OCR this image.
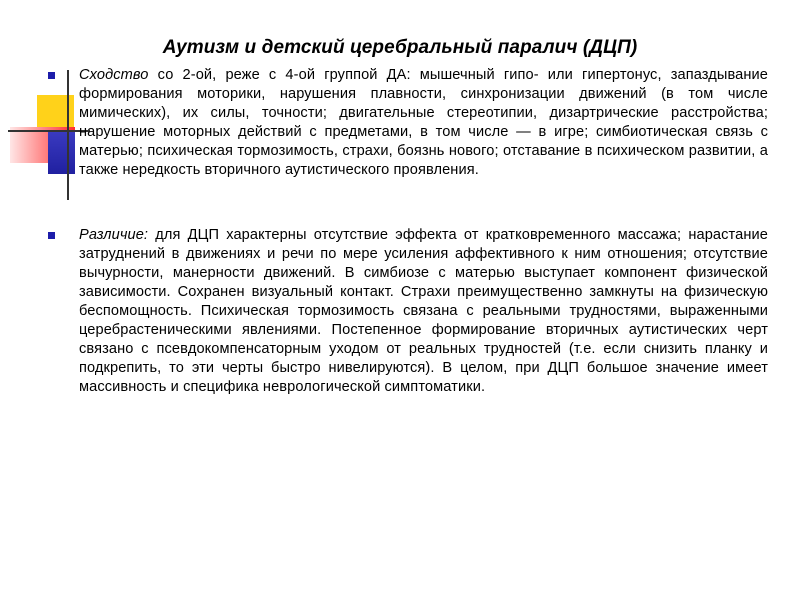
Аутизм и детский церебральный паралич (ДЦП)
Сходство со 2-ой, реже с 4-ой группой ДА: мышечный гипо- или гипертонус, запаздывание формирования моторики, нарушения плавности, синхронизации движений (в том числе мимических), их силы, точности; двигательные стереотипии, дизартрические расстройства; нарушение моторных действий с предметами, в том числе — в игре; симбиотическая связь с матерью; психическая тормозимость, страхи, боязнь нового; отставание в психическом развитии, а также нередкость вторичного аутистического проявления.
Различие: для ДЦП характерны отсутствие эффекта от кратковременного массажа; нарастание затруднений в движениях и речи по мере усиления аффективного к ним отношения; отсутствие вычурности, манерности движений. В симбиозе с матерью выступает компонент физической зависимости. Сохранен визуальный контакт. Страхи преимущественно замкнуты на физическую беспомощность. Психическая тормозимость связана с реальными трудностями, выраженными церебрастеническими явлениями. Постепенное формирование вторичных аутистических черт связано с псевдокомпенсаторным уходом от реальных трудностей (т.е. если снизить планку и подкрепить, то эти черты быстро нивелируются). В целом, при ДЦП большое значение имеет массивность и специфика неврологической симптоматики.
